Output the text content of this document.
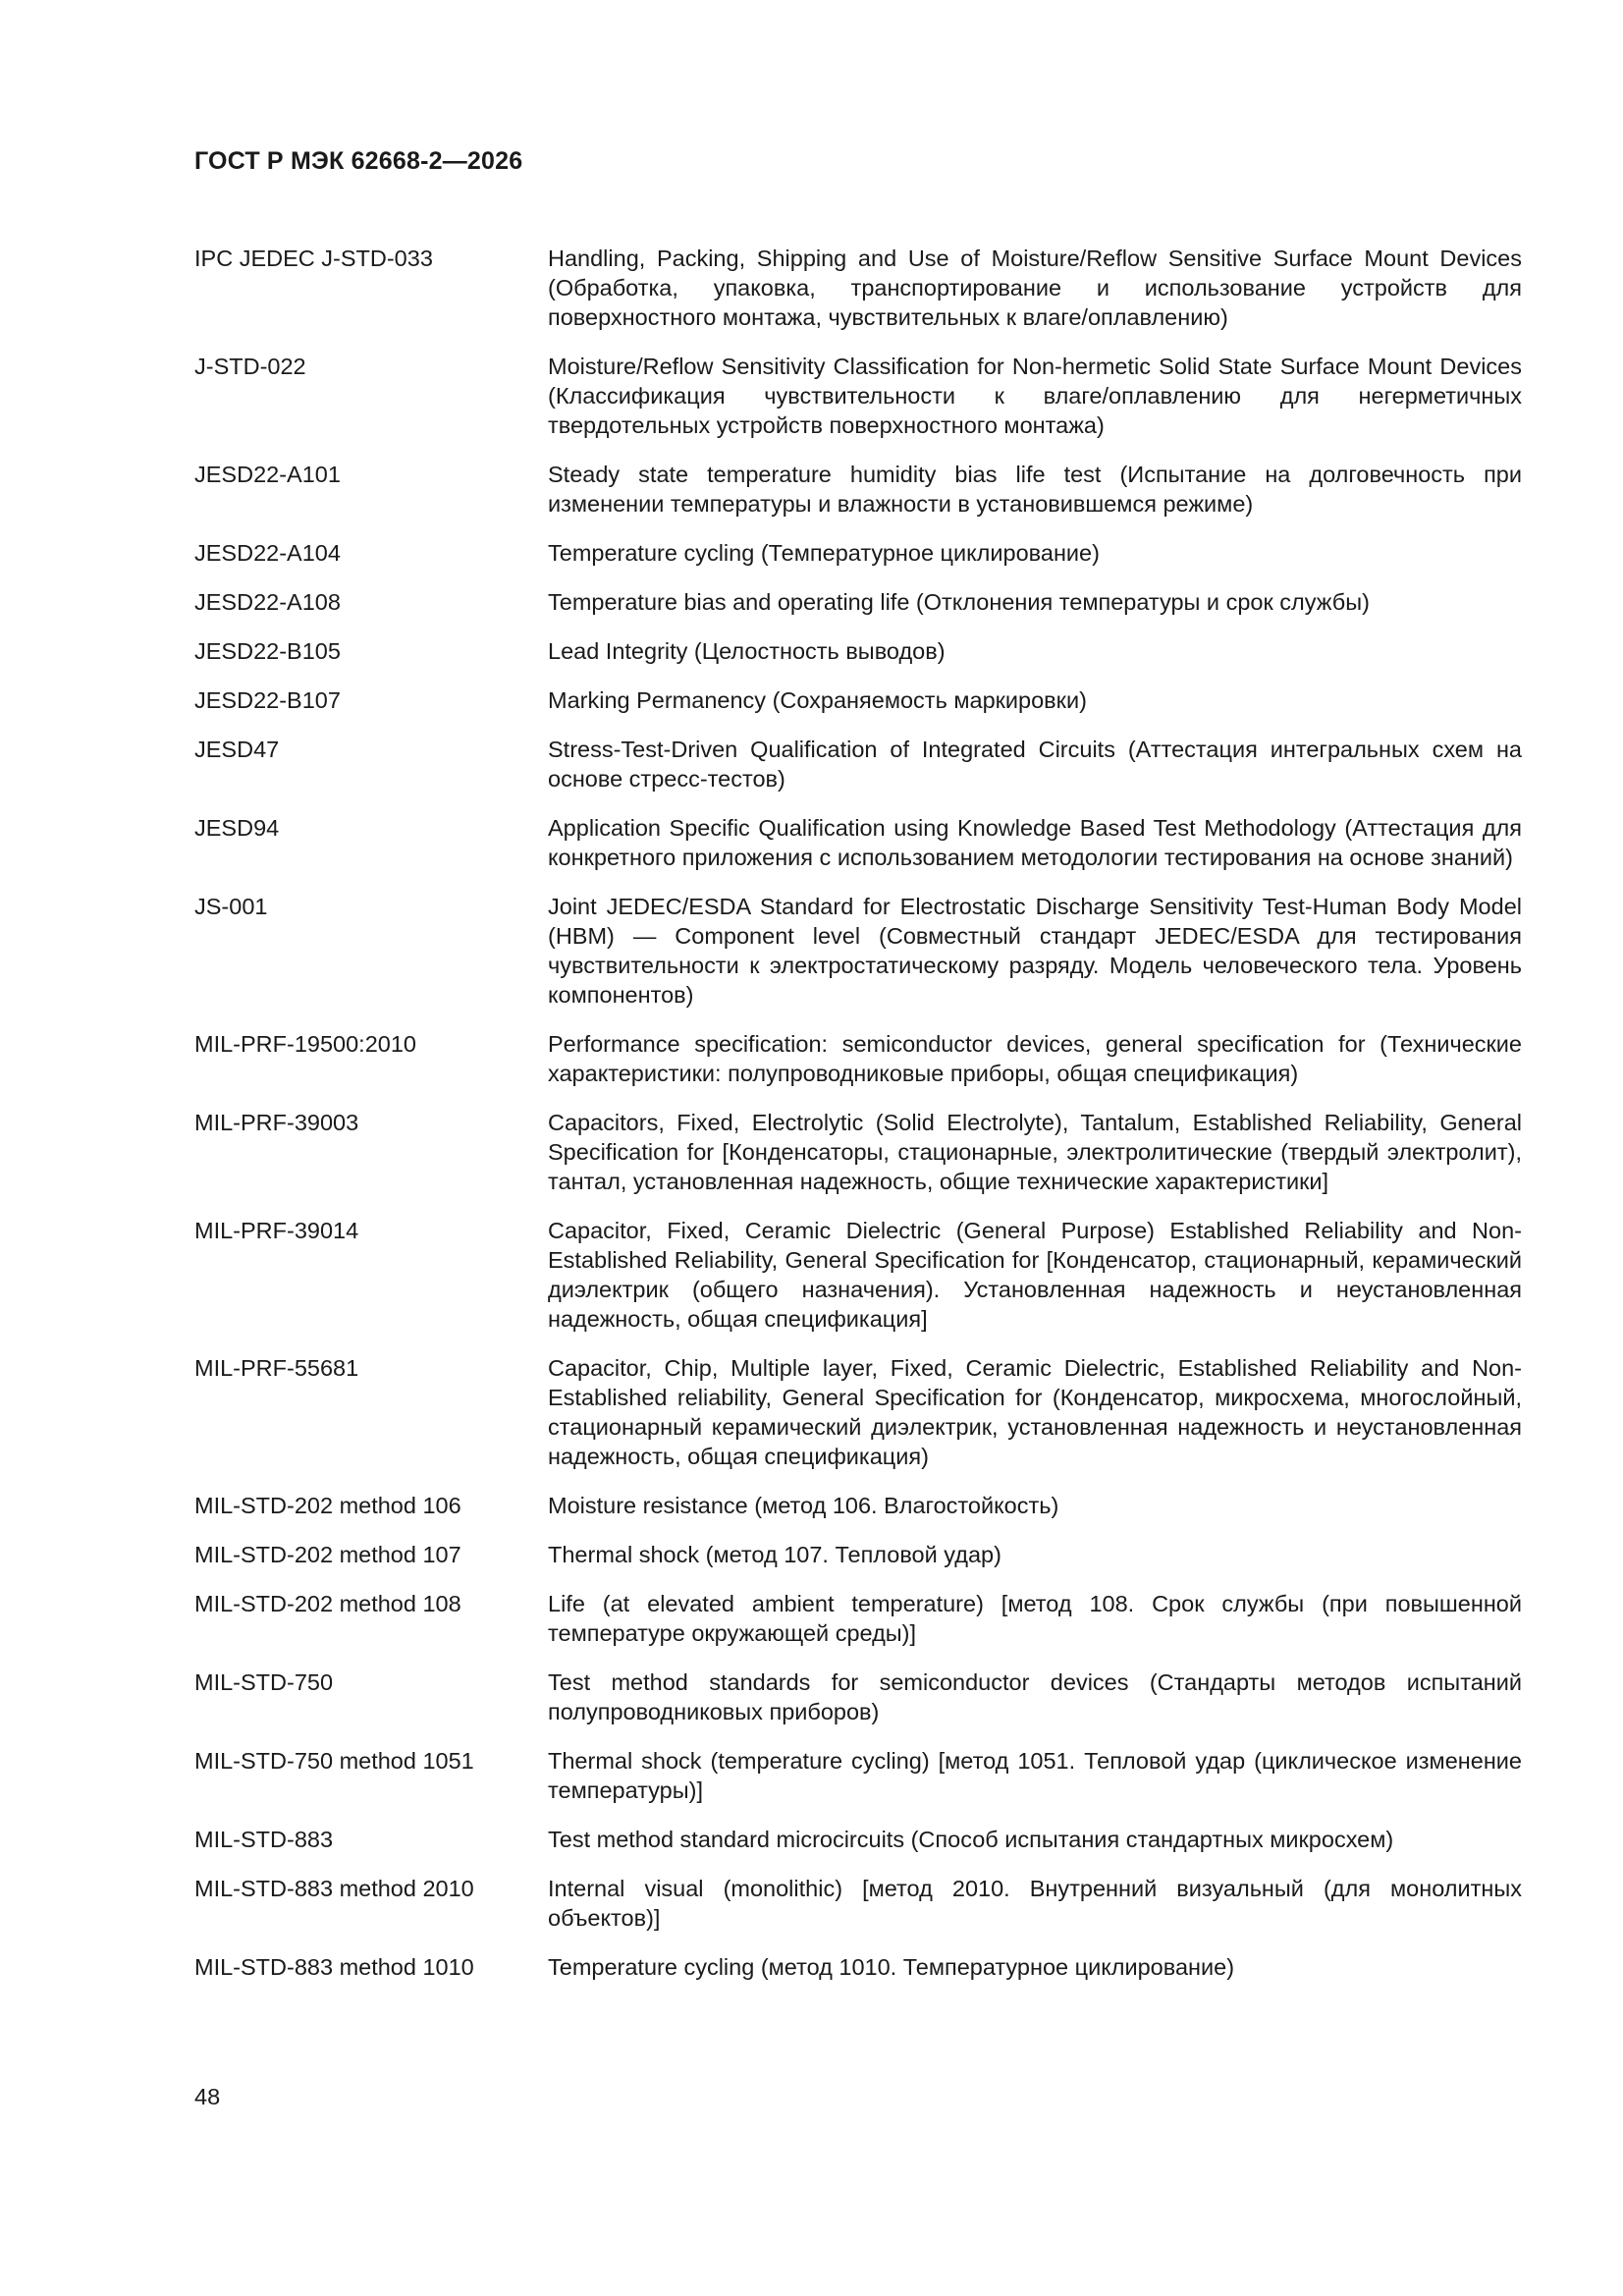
ГОСТ Р МЭК 62668-2—2026
IPC JEDEC J-STD-033	Handling, Packing, Shipping and Use of Moisture/Reflow Sensitive Surface Mount Devices (Обработка, упаковка, транспортирование и использование устройств для поверхностного монтажа, чувствительных к влаге/оплавлению)
J-STD-022	Moisture/Reflow Sensitivity Classification for Non-hermetic Solid State Surface Mount Devices (Классификация чувствительности к влаге/оплавлению для негерметичных твердотельных устройств поверхностного монтажа)
JESD22-A101	Steady state temperature humidity bias life test (Испытание на долговечность при изменении температуры и влажности в установившемся режиме)
JESD22-A104	Temperature cycling (Температурное циклирование)
JESD22-A108	Temperature bias and operating life (Отклонения температуры и срок службы)
JESD22-B105	Lead Integrity (Целостность выводов)
JESD22-B107	Marking Permanency (Сохраняемость маркировки)
JESD47	Stress-Test-Driven Qualification of Integrated Circuits (Аттестация интегральных схем на основе стресс-тестов)
JESD94	Application Specific Qualification using Knowledge Based Test Methodology (Аттестация для конкретного приложения с использованием методологии тестирования на основе знаний)
JS-001	Joint JEDEC/ESDA Standard for Electrostatic Discharge Sensitivity Test-Human Body Model (HBM) — Component level (Совместный стандарт JEDEC/ESDA для тестирования чувствительности к электростатическому разряду. Модель человеческого тела. Уровень компонентов)
MIL-PRF-19500:2010	Performance specification: semiconductor devices, general specification for (Технические характеристики: полупроводниковые приборы, общая спецификация)
MIL-PRF-39003	Capacitors, Fixed, Electrolytic (Solid Electrolyte), Tantalum, Established Reliability, General Specification for [Конденсаторы, стационарные, электролитические (твердый электролит), тантал, установленная надежность, общие технические характеристики]
MIL-PRF-39014	Capacitor, Fixed, Ceramic Dielectric (General Purpose) Established Reliability and Non-Established Reliability, General Specification for [Конденсатор, стационарный, керамический диэлектрик (общего назначения). Установленная надежность и неустановленная надежность, общая спецификация]
MIL-PRF-55681	Capacitor, Chip, Multiple layer, Fixed, Ceramic Dielectric, Established Reliability and Non-Established reliability, General Specification for (Конденсатор, микросхема, многослойный, стационарный керамический диэлектрик, установленная надежность и неустановленная надежность, общая спецификация)
MIL-STD-202 method 106	Moisture resistance (метод 106. Влагостойкость)
MIL-STD-202 method 107	Thermal shock (метод 107. Тепловой удар)
MIL-STD-202 method 108	Life (at elevated ambient temperature) [метод 108. Срок службы (при повышенной температуре окружающей среды)]
MIL-STD-750	Test method standards for semiconductor devices (Стандарты методов испытаний полупроводниковых приборов)
MIL-STD-750 method 1051	Thermal shock (temperature cycling) [метод 1051. Тепловой удар (циклическое изменение температуры)]
MIL-STD-883	Test method standard microcircuits (Способ испытания стандартных микросхем)
MIL-STD-883 method 2010	Internal visual (monolithic) [метод 2010. Внутренний визуальный (для монолитных объектов)]
MIL-STD-883 method 1010	Temperature cycling (метод 1010. Температурное циклирование)
48
